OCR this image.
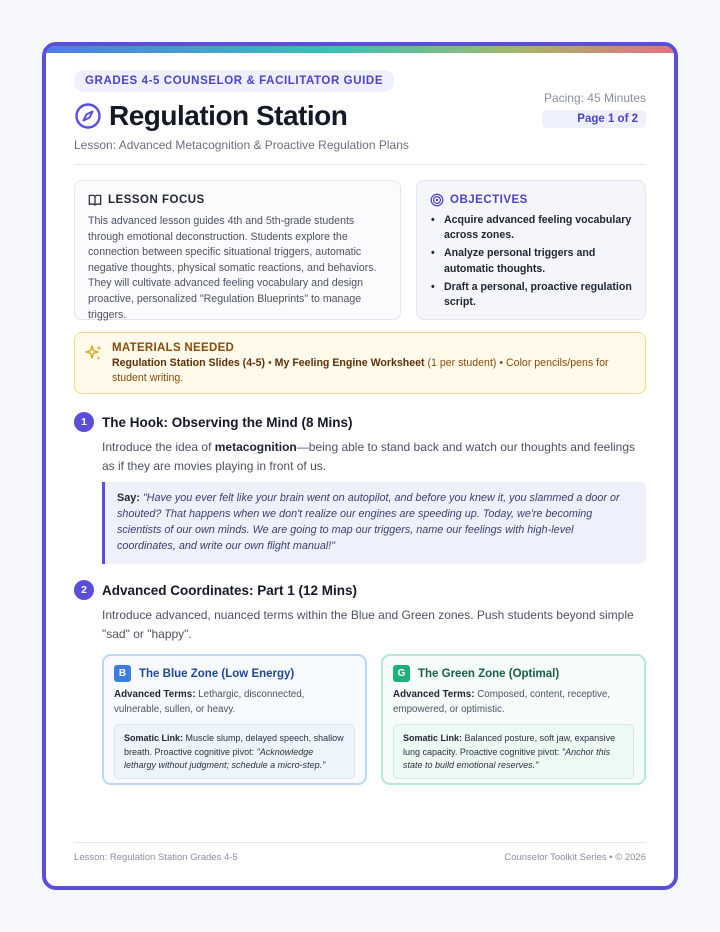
GRADES 4-5 COUNSELOR & FACILITATOR GUIDE
Pacing: 45 Minutes
Page 1 of 2
Regulation Station
Lesson: Advanced Metacognition & Proactive Regulation Plans
LESSON FOCUS

This advanced lesson guides 4th and 5th-grade students through emotional deconstruction. Students explore the connection between specific situational triggers, automatic negative thoughts, physical somatic reactions, and behaviors. They will cultivate advanced feeling vocabulary and design proactive, personalized "Regulation Blueprints" to manage triggers.

OBJECTIVES
• Acquire advanced feeling vocabulary across zones.
• Analyze personal triggers and automatic thoughts.
• Draft a personal, proactive regulation script.
MATERIALS NEEDED
Regulation Station Slides (4-5) • My Feeling Engine Worksheet (1 per student) • Color pencils/pens for student writing.
1	The Hook: Observing the Mind (8 Mins)

Introduce the idea of metacognition—being able to stand back and watch our thoughts and feelings as if they are movies playing in front of us.

Say: "Have you ever felt like your brain went on autopilot, and before you knew it, you slammed a door or shouted? That happens when we don't realize our engines are speeding up. Today, we're becoming scientists of our own minds. We are going to map our triggers, name our feelings with high-level coordinates, and write our own flight manual!"
2	Advanced Coordinates: Part 1 (12 Mins)

Introduce advanced, nuanced terms within the Blue and Green zones. Push students beyond simple "sad" or "happy".

B	The Blue Zone (Low Energy)
Advanced Terms: Lethargic, disconnected, vulnerable, sullen, or heavy.
Somatic Link: Muscle slump, delayed speech, shallow breath. Proactive cognitive pivot: "Acknowledge lethargy without judgment; schedule a micro-step."
G	The Green Zone (Optimal)
Advanced Terms: Composed, content, receptive, empowered, or optimistic.
Somatic Link: Balanced posture, soft jaw, expansive lung capacity. Proactive cognitive pivot: "Anchor this state to build emotional reserves."
Lesson: Regulation Station Grades 4-5	Counselor Toolkit Series • © 2026
